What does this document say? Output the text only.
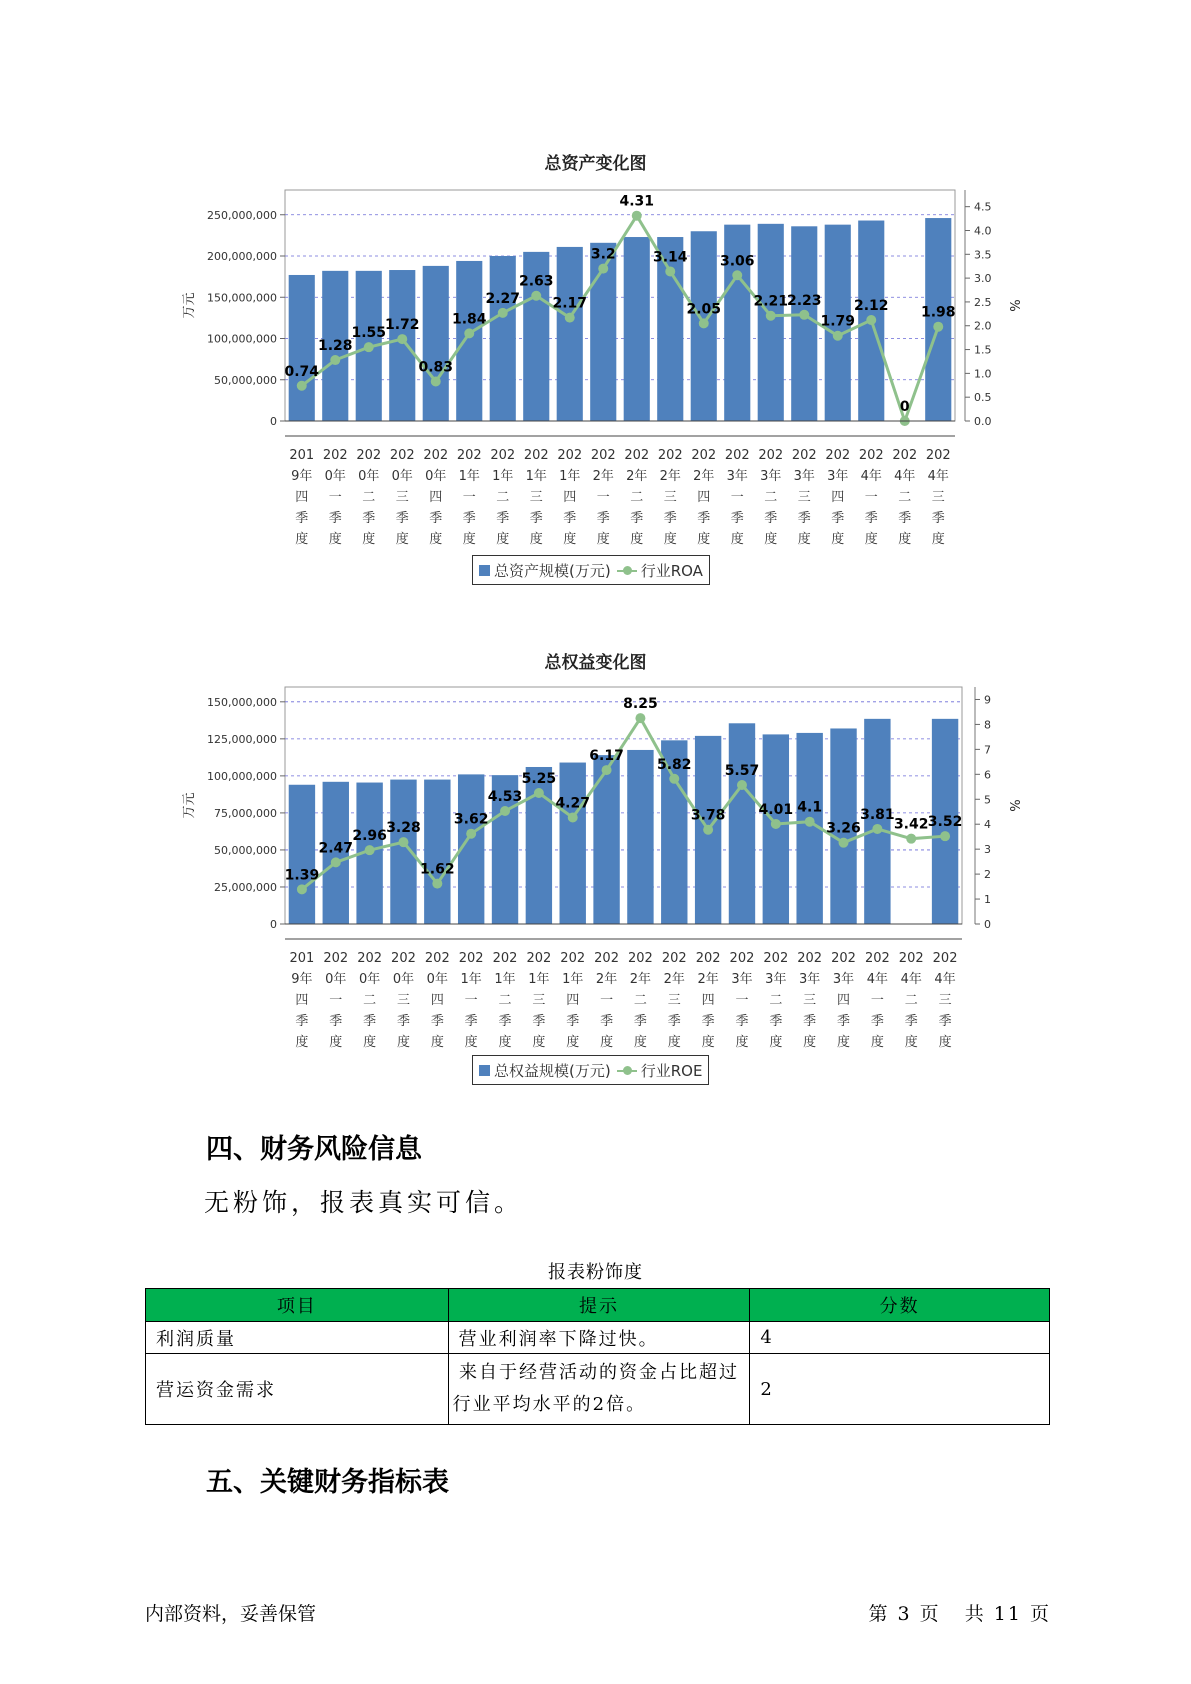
总资产变化图
0
50,000,000
100,000,000
150,000,000
200,000,000
250,000,000
0.0
0.5
1.0
1.5
2.0
2.5
3.0
3.5
4.0
4.5
万元	%
0.74
1.28
1.55
1.72
0.83
1.84
2.27
2.63
2.17
3.2
4.31
3.14
2.05
3.06
2.21
2.23
1.79
2.12
0
1.98
201
9年
四
季
度
202
0年
一
季
度
202
0年
二
季
度
202
0年
三
季
度
202
0年
四
季
度
202
1年
一
季
度
202
1年
二
季
度
202
1年
三
季
度
202
1年
四
季
度
202
2年
一
季
度
202
2年
二
季
度
202
2年
三
季
度
202
2年
四
季
度
202
3年
一
季
度
202
3年
二
季
度
202
3年
三
季
度
202
3年
四
季
度
202
4年
一
季
度
202
4年
二
季
度
202
4年
三
季
度
总资产规模(万元) 行业ROA
总权益变化图
0
25,000,000
50,000,000
75,000,000
100,000,000
125,000,000
150,000,000
0
1
2
3
4
5
6
7
8
9
万元	%
1.39
2.47
2.96 3.28
1.62
3.62
4.53
5.25
4.27
6.17
8.25
5.82
3.78
5.57
4.01 4.1
3.26
3.81
3.42 3.52
201
9年
四
季
度
202
0年
一
季
度
202
0年
二
季
度
202
0年
三
季
度
202
0年
四
季
度
202
1年
一
季
度
202
1年
二
季
度
202
1年
三
季
度
202
1年
四
季
度
202
2年
一
季
度
202
2年
二
季
度
202
2年
三
季
度
202
2年
四
季
度
202
3年
一
季
度
202
3年
二
季
度
202
3年
三
季
度
202
3年
四
季
度
202
4年
一
季
度
202
4年
二
季
度
202
4年
三
季
度
总权益规模(万元) 行业ROE
四、财务风险信息

无粉饰，报表真实可信。

报表粉饰度
项目	提示	分数
利润质量	营业利润率下降过快。	4
营运资金需求	来自于经营活动的资金占比超过
行业平均水平的2倍。	2
五、关键财务指标表
内部资料，妥善保管	第 3 页   共 11 页
